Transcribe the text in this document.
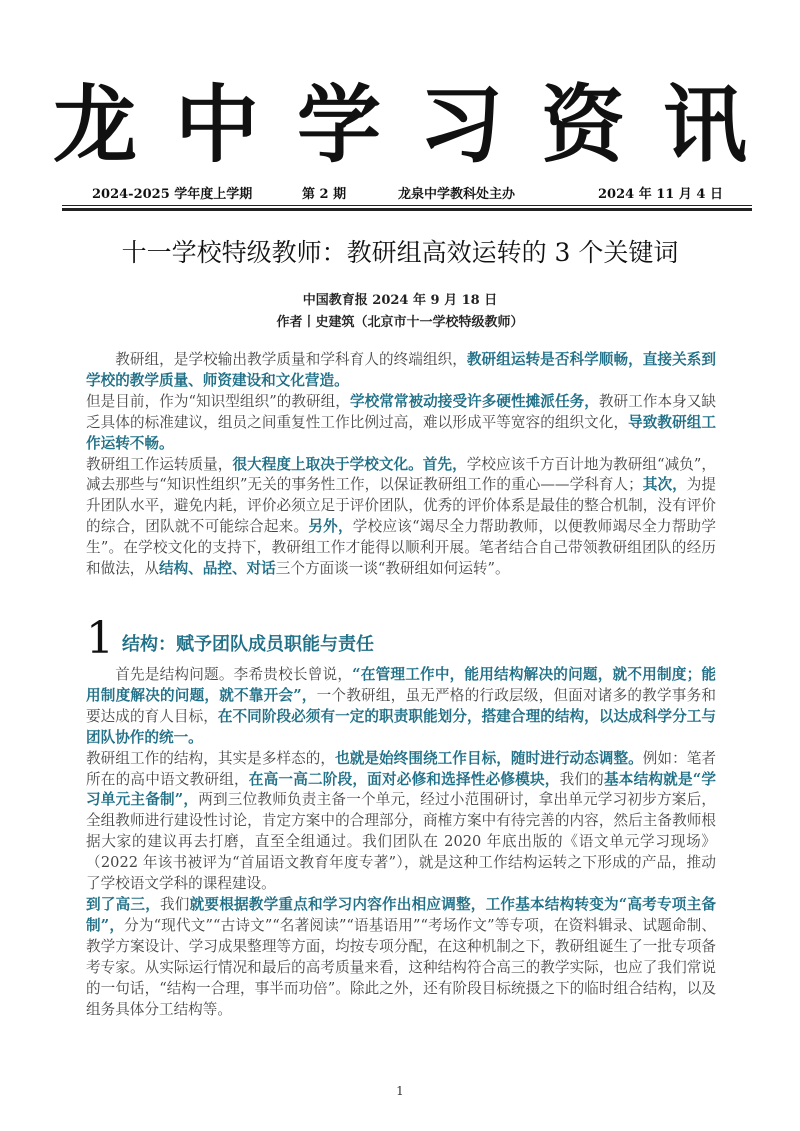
龙中学习资讯
2024-2025 学年度上学期	第 2 期	龙泉中学教科处主办	2024 年 11 月 4 日
十一学校特级教师：教研组高效运转的 3 个关键词
中国教育报 2024 年 9 月 18 日
作者丨史建筑（北京市十一学校特级教师）

教研组，是学校输出教学质量和学科育人的终端组织，教研组运转是否科学顺畅，直接关系到学校的教学质量、师资建设和文化营造。

但是目前，作为“知识型组织”的教研组，学校常常被动接受许多硬性摊派任务，教研工作本身又缺乏具体的标准建议，组员之间重复性工作比例过高，难以形成平等宽容的组织文化，导致教研组工作运转不畅。

教研组工作运转质量，很大程度上取决于学校文化。首先，学校应该千方百计地为教研组“减负”，减去那些与“知识性组织”无关的事务性工作，以保证教研组工作的重心——学科育人；其次，为提升团队水平，避免内耗，评价必须立足于评价团队，优秀的评价体系是最佳的整合机制，没有评价的综合，团队就不可能综合起来。另外，学校应该“竭尽全力帮助教师，以便教师竭尽全力帮助学生”。在学校文化的支持下，教研组工作才能得以顺利开展。笔者结合自己带领教研组团队的经历和做法，从结构、品控、对话三个方面谈一谈“教研组如何运转”。

1 结构：赋予团队成员职能与责任

首先是结构问题。李希贵校长曾说，“在管理工作中，能用结构解决的问题，就不用制度；能用制度解决的问题，就不靠开会”，一个教研组，虽无严格的行政层级，但面对诸多的教学事务和要达成的育人目标，在不同阶段必须有一定的职责职能划分，搭建合理的结构，以达成科学分工与团队协作的统一。

教研组工作的结构，其实是多样态的，也就是始终围绕工作目标，随时进行动态调整。例如：笔者所在的高中语文教研组，在高一高二阶段，面对必修和选择性必修模块，我们的基本结构就是“学习单元主备制”，两到三位教师负责主备一个单元，经过小范围研讨，拿出单元学习初步方案后，全组教师进行建设性讨论，肯定方案中的合理部分，商榷方案中有待完善的内容，然后主备教师根据大家的建议再去打磨，直至全组通过。我们团队在 2020 年底出版的《语文单元学习现场》（2022 年该书被评为“首届语文教育年度专著”），就是这种工作结构运转之下形成的产品，推动了学校语文学科的课程建设。

到了高三，我们就要根据教学重点和学习内容作出相应调整，工作基本结构转变为“高考专项主备制”，分为“现代文”“古诗文”“名著阅读”“语基语用”“考场作文”等专项，在资料辑录、试题命制、教学方案设计、学习成果整理等方面，均按专项分配，在这种机制之下，教研组诞生了一批专项备考专家。从实际运行情况和最后的高考质量来看，这种结构符合高三的教学实际，也应了我们常说的一句话，“结构一合理，事半而功倍”。除此之外，还有阶段目标统摄之下的临时组合结构，以及组务具体分工结构等。

1
